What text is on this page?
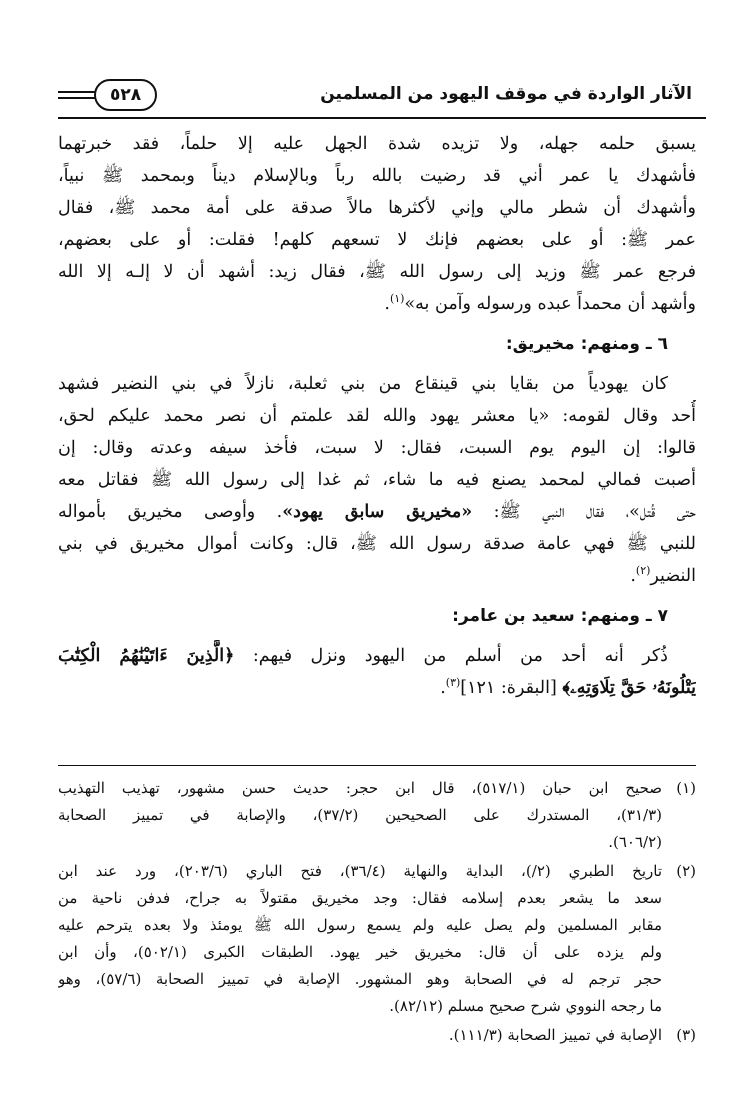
الآثار الواردة في موقف اليهود من المسلمين
٥٢٨
يسبق حلمه جهله، ولا تزيده شدة الجهل عليه إلا حلماً، فقد خبرتهما
فأشهدك يا عمر أني قد رضيت بالله رباً وبالإسلام ديناً وبمحمد ﷺ نبياً،
وأشهدك أن شطر مالي وإني لأكثرها مالاً صدقة على أمة محمد ﷺ، فقال
عمر ﷺ: أو على بعضهم فإنك لا تسعهم كلهم! فقلت: أو على بعضهم،
فرجع عمر ﷺ وزيد إلى رسول الله ﷺ، فقال زيد: أشهد أن لا إلـه إلا الله
وأشهد أن محمداً عبده ورسوله وآمن به»$^{(١)}$.
٦ ـ ومنهم: مخيريق:
كان يهودياً من بقايا بني قينقاع من بني ثعلبة، نازلاً في بني النضير فشهد
أُحد وقال لقومه: «يا معشر يهود والله لقد علمتم أن نصر محمد عليكم لحق،
قالوا: إن اليوم يوم السبت، فقال: لا سبت، فأخذ سيفه وعدته وقال: إن
أصبت فمالي لمحمد يصنع فيه ما شاء، ثم غدا إلى رسول الله ﷺ فقاتل معه
حتى قُتل»، فقال النبي ﷺ: «مخيريق سابق يهود». وأوصى مخيريق بأمواله
للنبي ﷺ فهي عامة صدقة رسول الله ﷺ، قال: وكانت أموال مخيريق في بني
النضير$^{(٢)}$.
٧ ـ ومنهم: سعيد بن عامر:
ذُكر أنه أحد من أسلم من اليهود ونزل فيهم: ﴿الَّذِينَ ءَاتَيْنَٰهُمُ الْكِتَٰبَ
يَتْلُونَهُۥ حَقَّ تِلَاوَتِهِۦ﴾ [البقرة: ١٢١]$^{(٣)}$.
(١)
صحيح ابن حبان (٥١٧/١)، قال ابن حجر: حديث حسن مشهور، تهذيب التهذيب
(٣١/٣)، المستدرك على الصحيحين (٣٧/٢)، والإصابة في تمييز الصحابة
(٦٠٦/٢).
(٢)
تاريخ الطبري (٢/)، البداية والنهاية (٣٦/٤)، فتح الباري (٢٠٣/٦)، ورد عند ابن
سعد ما يشعر بعدم إسلامه فقال: وجد مخيريق مقتولاً به جراح، فدفن ناحية من
مقابر المسلمين ولم يصل عليه ولم يسمع رسول الله ﷺ يومئذ ولا بعده يترحم عليه
ولم يزده على أن قال: مخيريق خير يهود. الطبقات الكبرى (٥٠٢/١)، وأن ابن
حجر ترجم له في الصحابة وهو المشهور. الإصابة في تمييز الصحابة (٥٧/٦)، وهو
ما رجحه النووي شرح صحيح مسلم (٨٢/١٢).
(٣)
الإصابة في تمييز الصحابة (١١١/٣).
